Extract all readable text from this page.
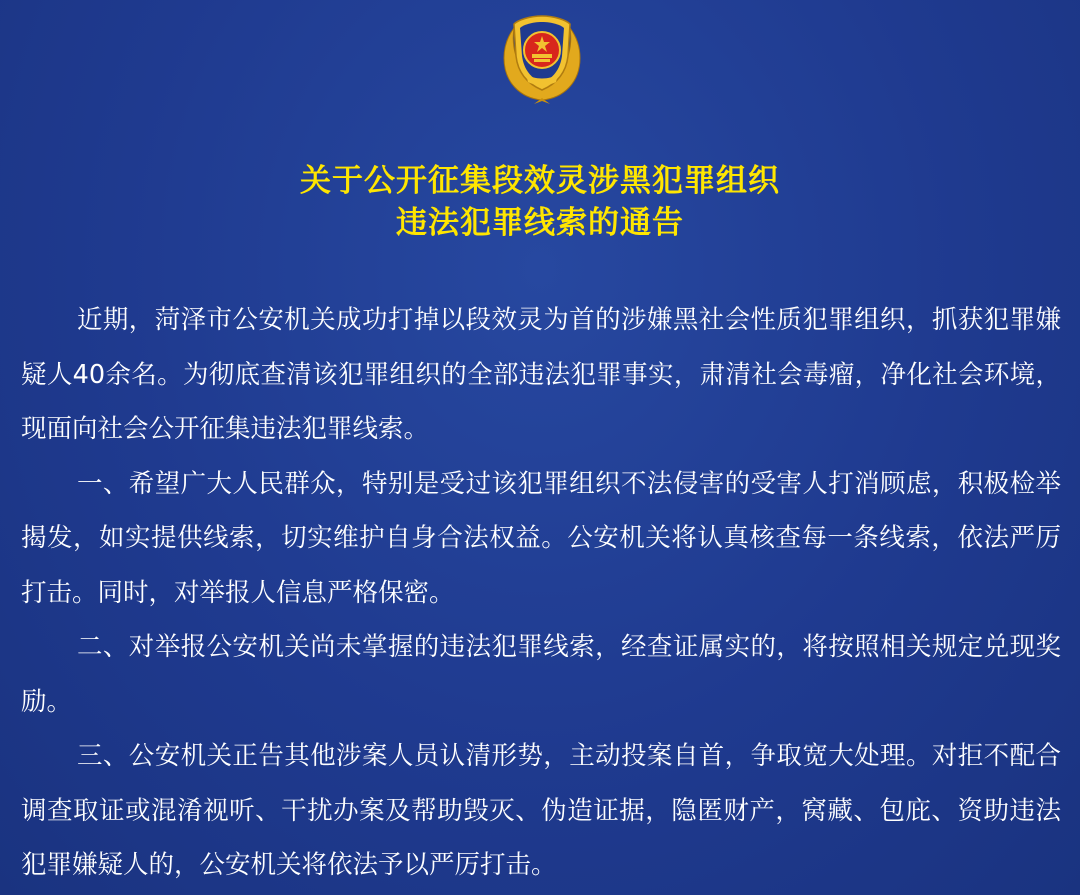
关于公开征集段效灵涉黑犯罪组织
违法犯罪线索的通告

近期，菏泽市公安机关成功打掉以段效灵为首的涉嫌黑社会性质犯罪组织，抓获犯罪嫌疑人40余名。为彻底查清该犯罪组织的全部违法犯罪事实，肃清社会毒瘤，净化社会环境，现面向社会公开征集违法犯罪线索。

一、希望广大人民群众，特别是受过该犯罪组织不法侵害的受害人打消顾虑，积极检举揭发，如实提供线索，切实维护自身合法权益。公安机关将认真核查每一条线索，依法严厉打击。同时，对举报人信息严格保密。

二、对举报公安机关尚未掌握的违法犯罪线索，经查证属实的，将按照相关规定兑现奖励。

三、公安机关正告其他涉案人员认清形势，主动投案自首，争取宽大处理。对拒不配合调查取证或混淆视听、干扰办案及帮助毁灭、伪造证据，隐匿财产，窝藏、包庇、资助违法犯罪嫌疑人的，公安机关将依法予以严厉打击。
